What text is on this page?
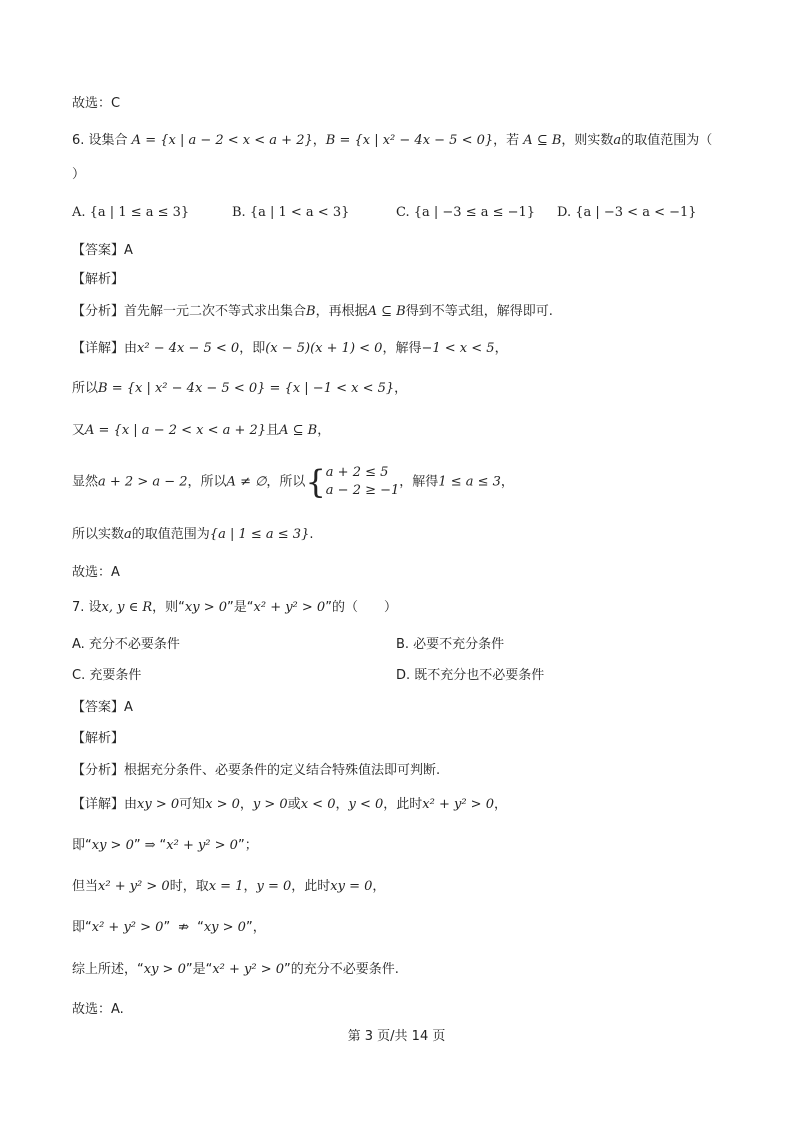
故选：C
6. 设集合 A = {x | a − 2 < x < a + 2}，B = {x | x² − 4x − 5 < 0}，若 A ⊆ B，则实数a的取值范围为（
）
A. {a | 1 ≤ a ≤ 3}	B. {a | 1 < a < 3}	C. {a | −3 ≤ a ≤ −1} D. {a | −3 < a < −1}
【答案】A
【解析】
【分析】首先解一元二次不等式求出集合B，再根据A ⊆ B得到不等式组，解得即可.
【详解】由x² − 4x − 5 < 0，即(x − 5)(x + 1) < 0，解得−1 < x < 5，
所以B = {x | x² − 4x − 5 < 0} = {x | −1 < x < 5}，
又A = {x | a − 2 < x < a + 2}且A ⊆ B，
显然a + 2 > a − 2，所以A ≠ ∅，所以{a + 2 ≤ 5
a − 2 ≥ −1，解得1 ≤ a ≤ 3，
所以实数a的取值范围为{a | 1 ≤ a ≤ 3}.
故选：A
7. 设x, y ∈ R，则“xy > 0”是“x² + y² > 0”的（　　）
A. 充分不必要条件	B. 必要不充分条件
C. 充要条件	D. 既不充分也不必要条件
【答案】A
【解析】
【分析】根据充分条件、必要条件的定义结合特殊值法即可判断.
【详解】由xy > 0可知x > 0，y > 0或x < 0，y < 0，此时x² + y² > 0，
即“xy > 0” ⇒ “x² + y² > 0”；
但当x² + y² > 0时，取x = 1，y = 0，此时xy = 0，
即“x² + y² > 0” ⇏ “xy > 0”，
综上所述，“xy > 0”是“x² + y² > 0”的充分不必要条件.
故选：A.
第 3 页/共 14 页
